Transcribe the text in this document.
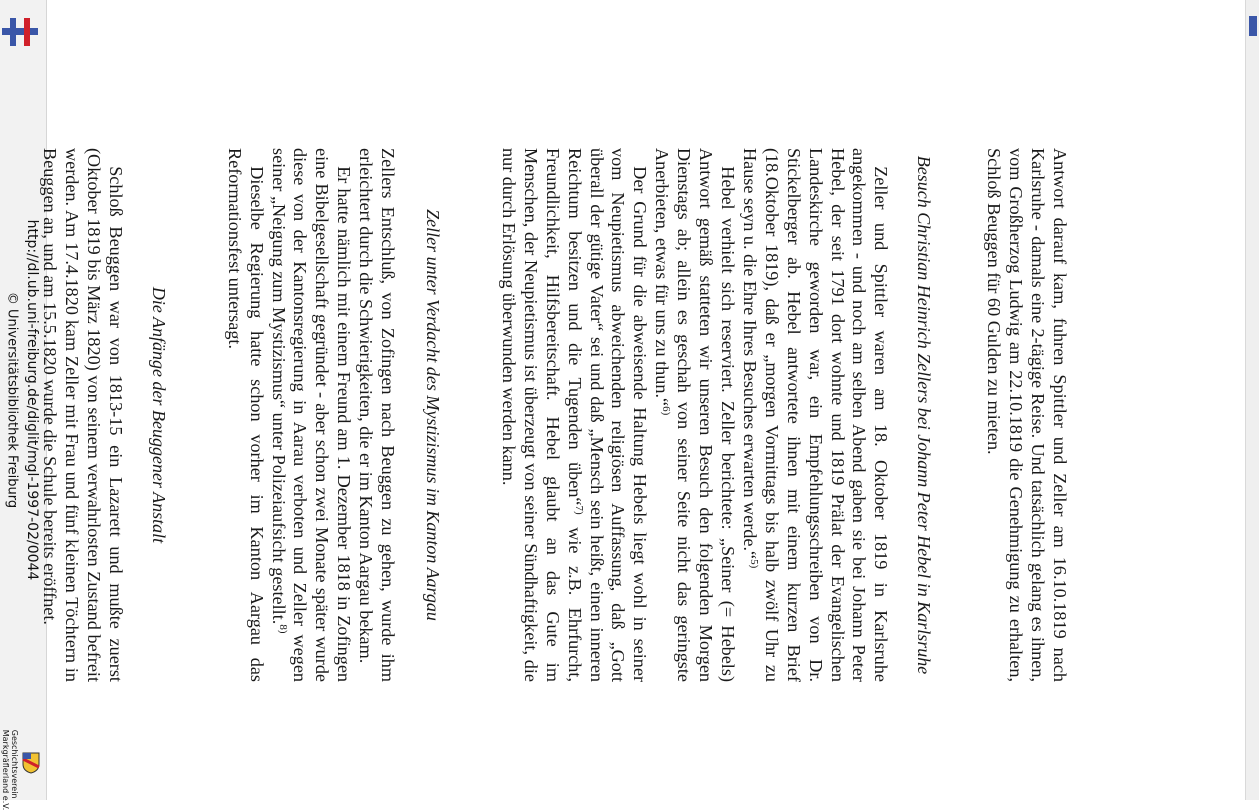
http://dl.ub.uni-freiburg.de/diglit/mgl-1997-02/0044
© Universitätsbibliothek Freiburg
Geschichtsverein
Markgräflerland e.V.

Antwort darauf kam, fuhren Spittler und Zeller am 16.10.1819 nach Karlsruhe - damals eine 2-tägige Reise. Und tatsächlich gelang es ihnen, vom Großherzog Ludwig am 22.10.1819 die Genehmigung zu erhalten, Schloß Beuggen für 60 Gulden zu mieten.

Besuch Christian Heinrich Zellers bei Johann Peter Hebel in Karlsruhe

Zeller und Spittler waren am 18. Oktober 1819 in Karlsruhe angekommen - und noch am selben Abend gaben sie bei Johann Peter Hebel, der seit 1791 dort wohnte und 1819 Prälat der Evangelischen Landeskirche geworden war, ein Empfehlungsschreiben von Dr. Stickelberger ab. Hebel antwortete ihnen mit einem kurzen Brief (18.Oktober 1819), daß er „morgen Vormittags bis halb zwölf Uhr zu Hause seyn u. die Ehre Ihres Besuches erwarten werde.“$^{5)}$

Hebel verhielt sich reserviert. Zeller berichtete: „Seiner (= Hebels) Antwort gemäß statteten wir unseren Besuch den folgenden Morgen Dienstags ab; allein es geschah von seiner Seite nicht das geringste Anerbieten, etwas für uns zu thun.“$^{6)}$

Der Grund für die abweisende Haltung Hebels liegt wohl in seiner vom Neupietismus abweichenden religiösen Auffassung, daß „Gott überall der gütige Vater“ sei und daß „Mensch sein heißt, einen inneren Reichtum besitzen und die Tugenden üben“$^{7)}$ wie z.B. Ehrfurcht, Freundlichkeit, Hilfsbereitschaft. Hebel glaubt an das Gute im Menschen, der Neupietismus ist überzeugt von seiner Sündhaftigkeit, die nur durch Erlösung überwunden werden kann.

Zeller unter Verdacht des Mystizismus im Kanton Aargau

Zellers Entschluß, von Zofingen nach Beuggen zu gehen, wurde ihm erleichtert durch die Schwierigkeiten, die er im Kanton Aargau bekam.

Er hatte nämlich mit einem Freund am 1. Dezember 1818 in Zofingen eine Bibelgesellschaft gegründet - aber schon zwei Monate später wurde diese von der Kantonsregierung in Aarau verboten und Zeller wegen seiner „Neigung zum Mystizismus“ unter Polizeiaufsicht gestellt.$^{8)}$

Dieselbe Regierung hatte schon vorher im Kanton Aargau das Reformationsfest untersagt.

Die Anfänge der Beuggener Anstalt

Schloß Beuggen war von 1813-15 ein Lazarett und mußte zuerst (Oktober 1819 bis März 1820) von seinem verwahrlosten Zustand befreit werden. Am 17.4.1820 kam Zeller mit Frau und fünf kleinen Töchtern in Beuggen an, und am 15.5.1820 wurde die Schule bereits eröffnet.
